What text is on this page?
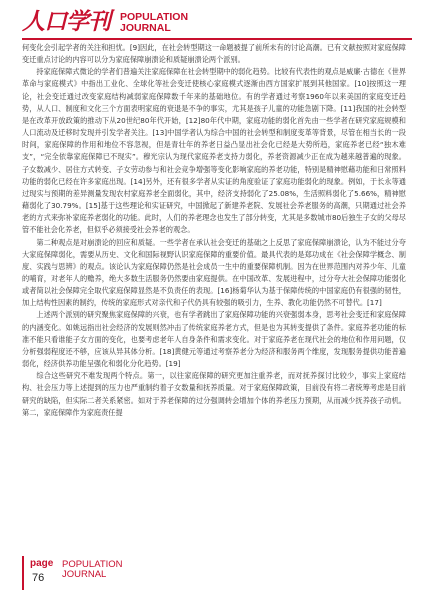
人口学刊 POPULATION
JOURNAL

何变化会引起学者的关注和担忧。[9]因此，在社会转型期这一命题被提了前所未有的讨论高潮。已有文献按照对家庭保障变迁重点讨论的内容可以分为家庭保障崩溃论和质疑崩溃论两个派别。

持家庭保障式微论的学者们普遍关注家庭保障在社会转型期中的弱化趋势。比较有代表性的观点是威廉·古德在《世界革命与家庭模式》中指出工业化、全球化等社会变迁使核心家庭模式逐渐由西方国家扩展到其他国家。[10]按照这一理论，社会变迁通过改变家庭结构减弱家庭保障数千年来的基础地位。有的学者通过考察1960年以来美国的家庭变迁趋势，从人口、制度和文化三个方面表明家庭的衰退是不争的事实，尤其是孩子儿童的功能急剧下降。[11]我国的社会转型是在改革开放政策的推动下从20世纪80年代开始，[12]80年代中期，家庭功能的弱化首先由一些学者在研究家庭规模和人口流动及迁移时发现并引发学者关注。[13]中国学者认为综合中国的社会转型和制度变革等背景，尽管在相当长的一段时间，家庭保障的作用和地位不容忽视，但是青壮年的养老日益凸显出社会化已经是大势所趋，家庭养老已经“独木难支”，“完全依靠家庭保障已不现实”。穆光宗认为现代家庭养老支持力弱化，养老资源减少正在成为越来越普遍的现象。子女数减少、居住方式转变、子女劳动参与和社会竞争增强等变化影响家庭的养老功能，特别是精神慰藉功能和日常照料功能的弱化已经在许多家庭出现。[14]另外，还有很多学者从实证的角度验证了家庭功能弱化的现象。例如，于长永等通过现实与预期的差异测量发现农村家庭养老全面弱化，其中，经济支持弱化了25.08%，生活照料弱化了5.66%，精神慰藉弱化了30.79%。[15]基于这些理论和实证研究，中国掀起了新建养老院、发展社会养老服务的高潮，只期通过社会养老的方式来弥补家庭养老弱化的功能。此时，人们的养老理念也发生了部分转变，尤其是多数城市80后独生子女的父母尽管不能社会化养老，但似乎必须接受社会养老的观念。

第二种观点是对崩溃论的回应和质疑。一些学者在承认社会变迁的基础之上反思了家庭保障崩溃论，认为不能过分夸大家庭保障弱化，需要从历史、文化和国际视野认识家庭保障的重要价值。最具代表的是郑功成在《社会保障学概念、制度、实践与思辨》的观点。该论认为家庭保障仍然是社会成员一生中的重要保障机制。因为在世界范围内对养少年、儿童的哺育，对老年人的赡养，绝大多数生活服务仍然要由家庭提供。在中国改革、发展进程中，过分夸大社会保障功能弱化或者简以社会保障完全取代家庭保障显然是不负责任的表现。[16]杨菊华认为基于保障传统的中国家庭仍有很强的韧性，加上结构性因素的制约，传统的家庭形式对亲代和子代仍具有较强的吸引力，生养、教化功能仍然不可替代。[17]

上述两个派别的研究聚焦家庭保障的兴衰，也有学者跳出了家庭保障功能的兴衰强弱本身，思考社会变迁和家庭保障的内涵变化。如姚远指出社会经济的发展则然冲击了传统家庭养老方式，但是也为其转变提供了条件。家庭养老功能的标准不能只看谁能子女方面的变化，也要考虑老年人自身条件和需求变化。对于家庭养老在现代社会的地位和作用问题，仅分析强弱程度还不够，应该从异其体分析。[18]黄健元等通过考察养老分为经济和服务两个维度，发现服务提供功能普遍弱化，经济供养功能呈强化和弱化分化趋势。[19]

综合这些研究不难发现两个特点。第一，以往家庭保障的研究更加注重养老，而对抚养探讨比较少，事实上家庭结构、社会压力等上述提到的压力也严重制约着子女数量和抚养质量。对于家庭保障政策，目前没有将二者统筹考虑是目前研究的缺陷，但实际二者关系紧密。如对于养老保障的过分强调转会增加个体的养老压力预期，从而减少抚养孩子动机。第二，家庭保障作为家庭责任提

page
76
POPULATION
JOURNAL
